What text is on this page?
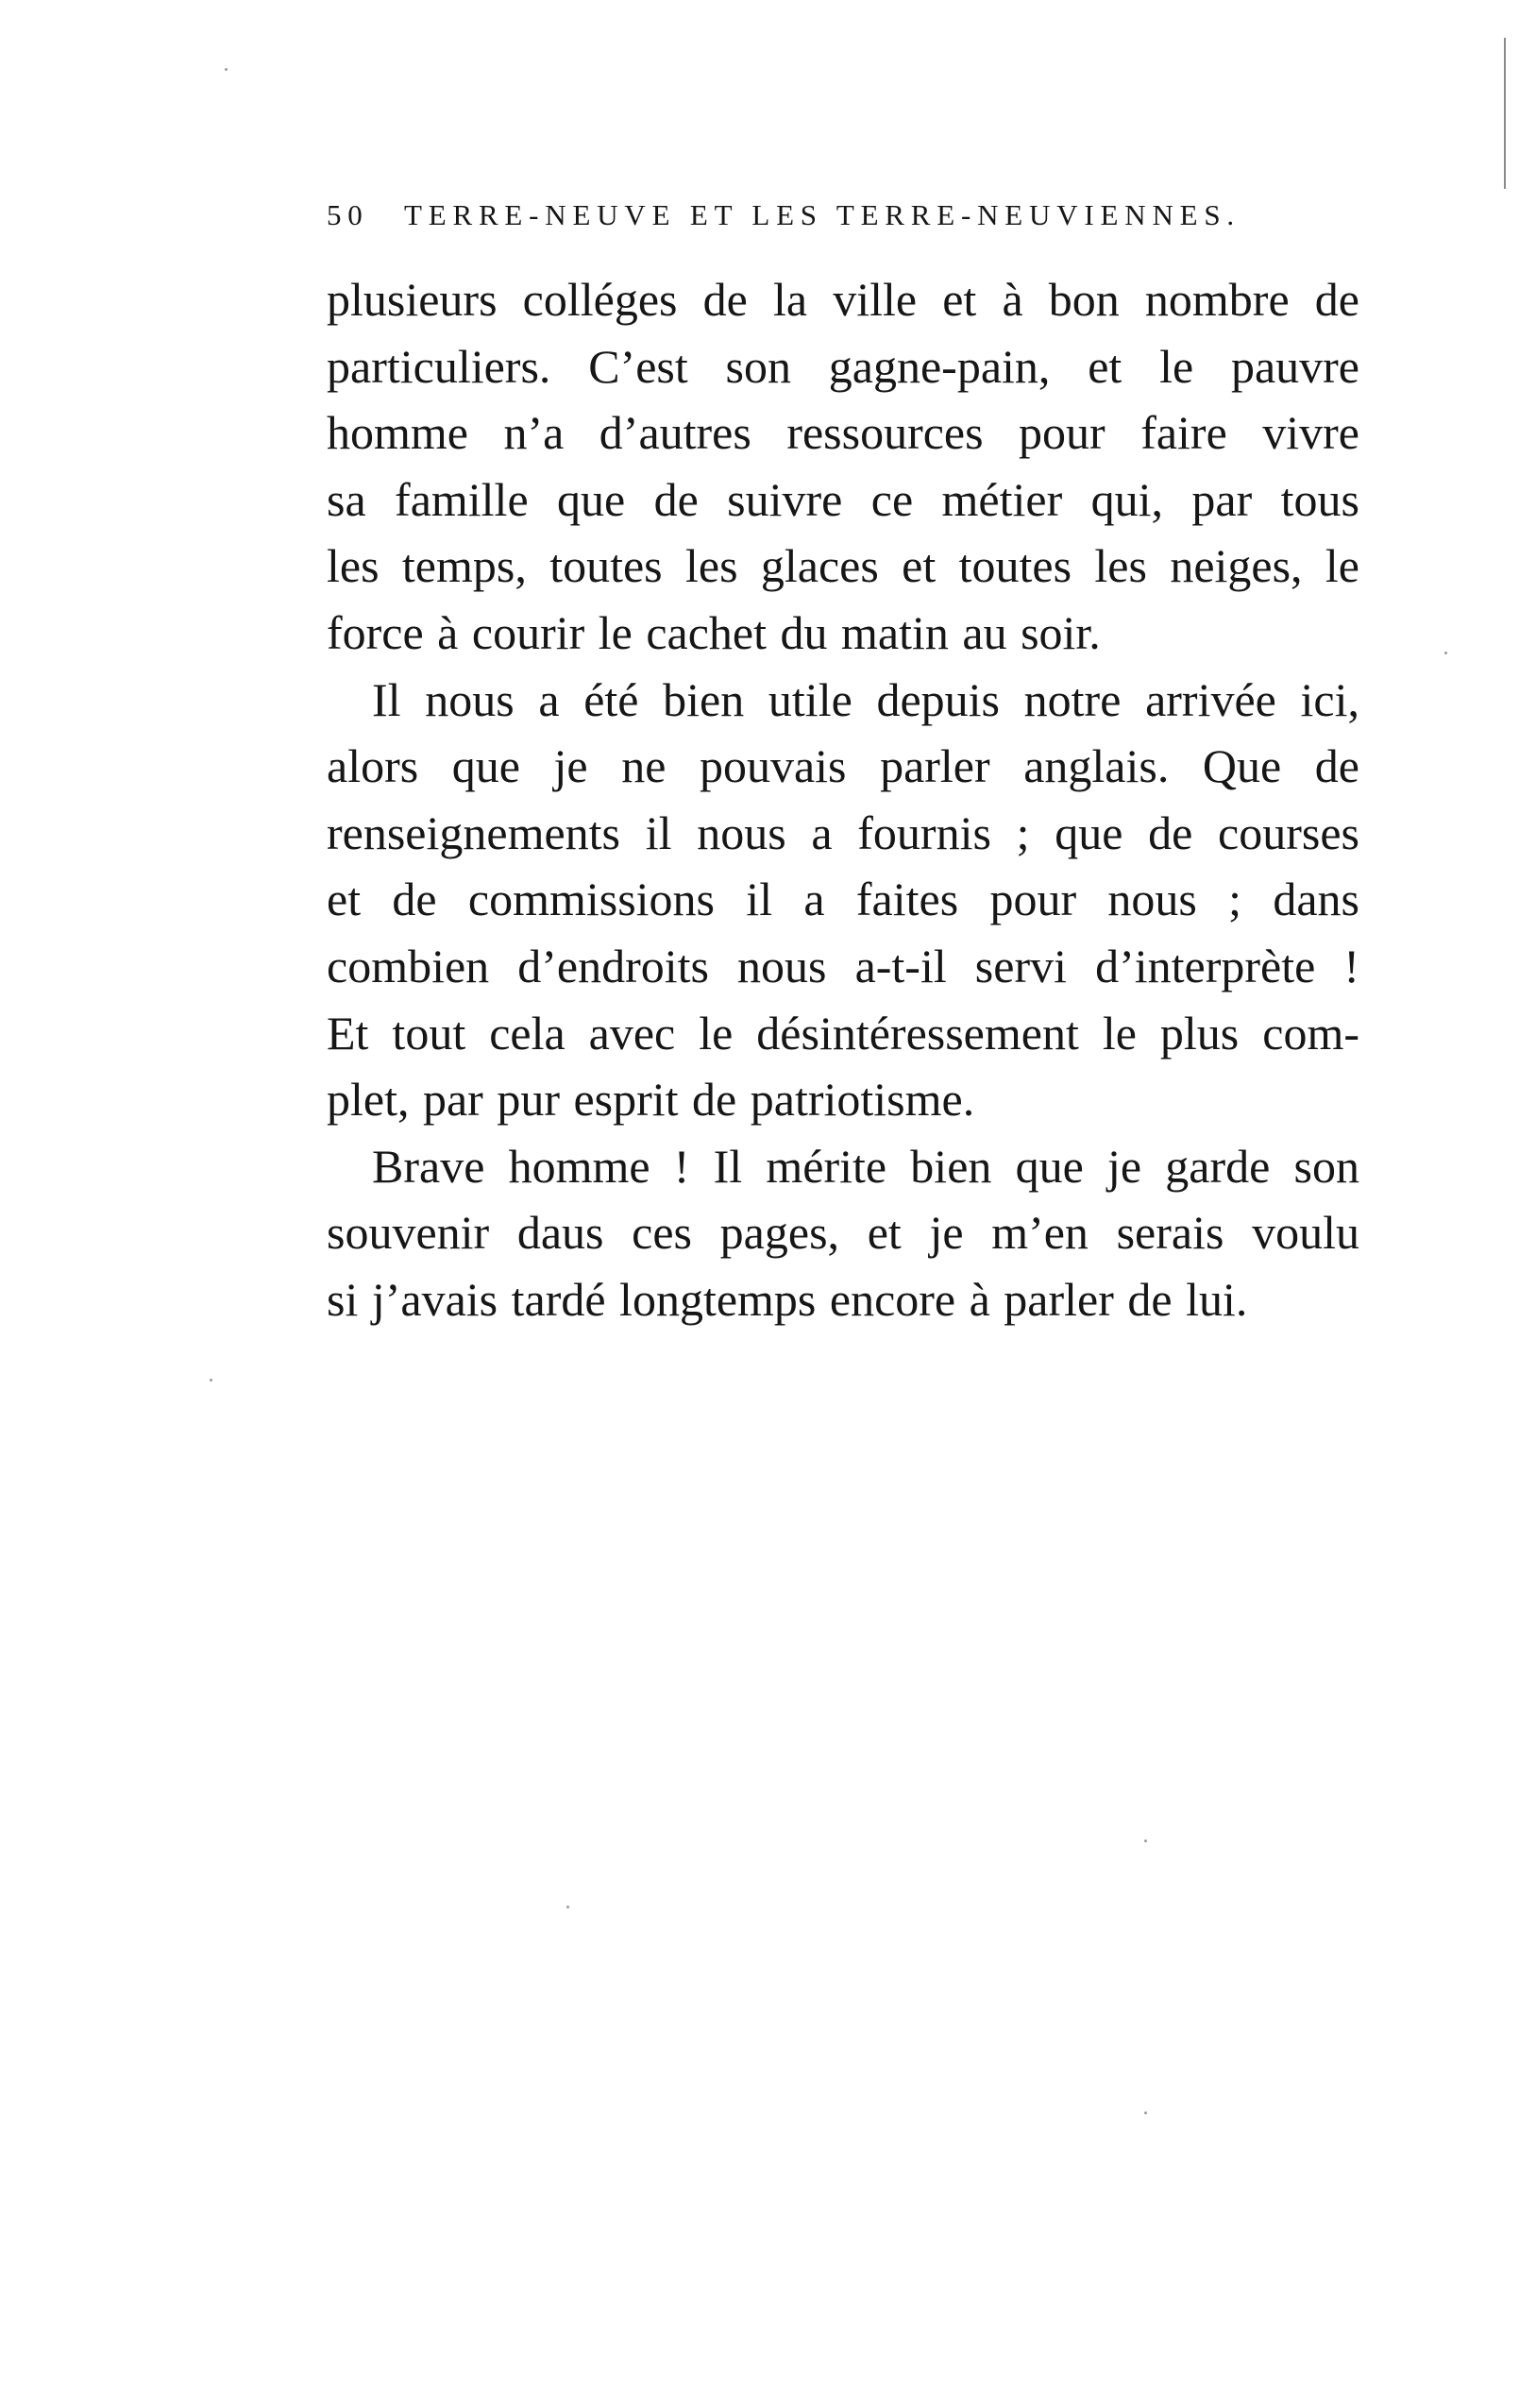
50 TERRE-NEUVE ET LES TERRE-NEUVIENNES.
plusieurs colléges de la ville et à bon nombre de
particuliers. C’est son gagne-pain, et le pauvre
homme n’a d’autres ressources pour faire vivre
sa famille que de suivre ce métier qui, par tous
les temps, toutes les glaces et toutes les neiges, le
force à courir le cachet du matin au soir.
Il nous a été bien utile depuis notre arrivée ici,
alors que je ne pouvais parler anglais. Que de
renseignements il nous a fournis ; que de courses
et de commissions il a faites pour nous ; dans
combien d’endroits nous a-t-il servi d’interprète !
Et tout cela avec le désintéressement le plus com-
plet, par pur esprit de patriotisme.
Brave homme ! Il mérite bien que je garde son
souvenir daus ces pages, et je m’en serais voulu
si j’avais tardé longtemps encore à parler de lui.
